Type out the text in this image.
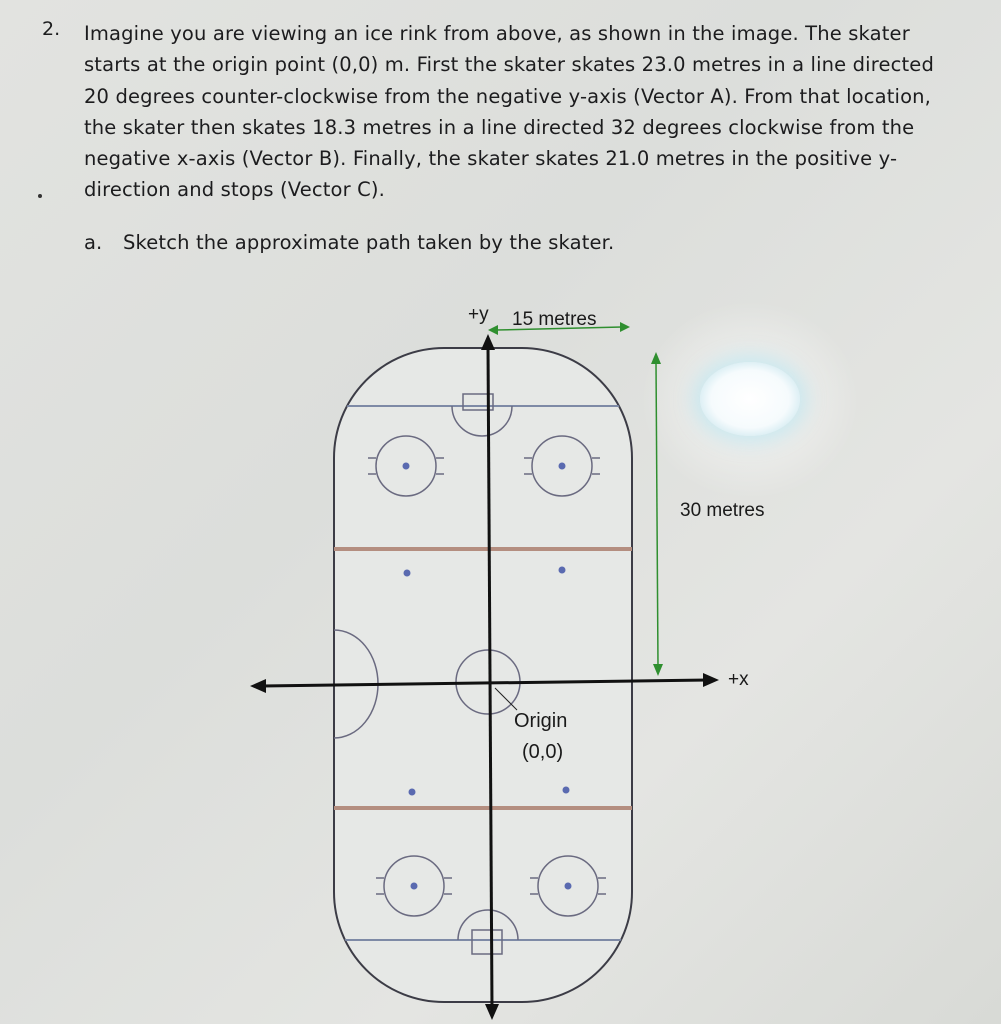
2. Imagine you are viewing an ice rink from above, as shown in the image. The skater
starts at the origin point (0,0) m. First the skater skates 23.0 metres in a line directed
20 degrees counter-clockwise from the negative y-axis (Vector A). From that location,
the skater then skates 18.3 metres in a line directed 32 degrees clockwise from the
negative x-axis (Vector B). Finally, the skater skates 21.0 metres in the positive y-
direction and stops (Vector C).
a. Sketch the approximate path taken by the skater.
+y 15 metres
30 metres
+x
Origin
(0,0)
